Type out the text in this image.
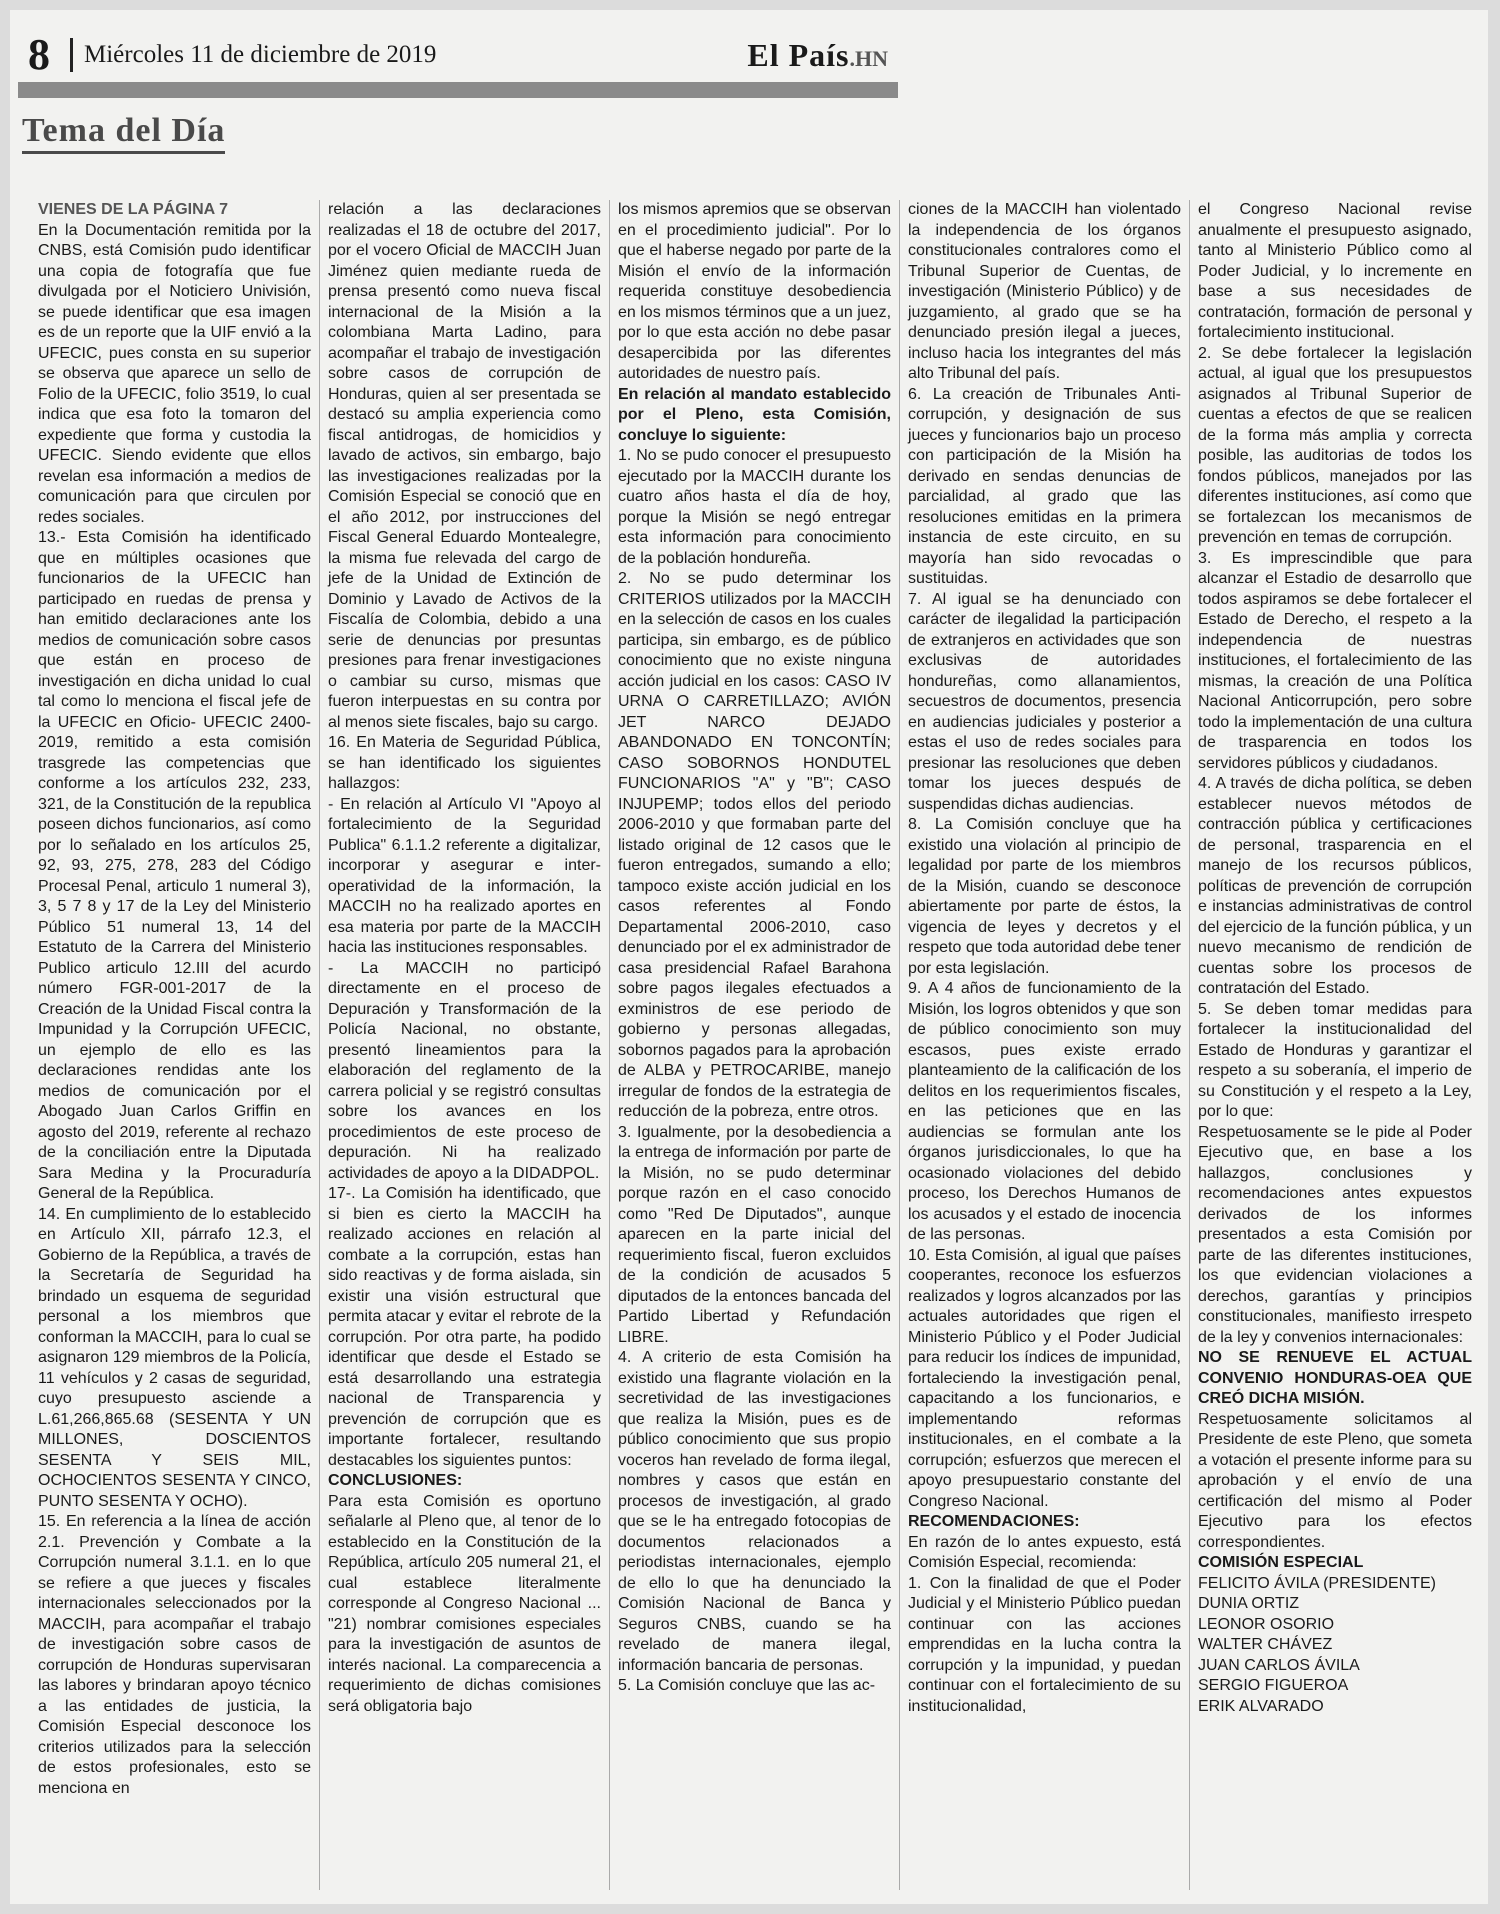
8 Miércoles 11 de diciembre de 2019	El País.HN
Tema del Día

VIENES DE LA PÁGINA 7

En la Documentación remitida por la CNBS, está Comisión pudo identificar una copia de fotografía que fue divulgada por el Noticiero Univisión, se puede identificar que esa imagen es de un reporte que la UIF envió a la UFECIC, pues consta en su superior se observa que aparece un sello de Folio de la UFECIC, folio 3519, lo cual indica que esa foto la tomaron del expediente que forma y custodia la UFECIC. Siendo evidente que ellos revelan esa información a medios de comunicación para que circulen por redes sociales.

13.- Esta Comisión ha identificado que en múltiples ocasiones que funcionarios de la UFECIC han participado en ruedas de prensa y han emitido declaraciones ante los medios de comunicación sobre casos que están en proceso de investigación en dicha unidad lo cual tal como lo menciona el fiscal jefe de la UFECIC en Oficio- UFECIC 2400-2019, remitido a esta comisión trasgrede las competencias que conforme a los artículos 232, 233, 321, de la Constitución de la republica poseen dichos funcionarios, así como por lo señalado en los artículos 25, 92, 93, 275, 278, 283 del Código Procesal Penal, articulo 1 numeral 3), 3, 5 7 8 y 17 de la Ley del Ministerio Público 51 numeral 13, 14 del Estatuto de la Carrera del Ministerio Publico articulo 12.III del acurdo número FGR-001-2017 de la Creación de la Unidad Fiscal contra la Impunidad y la Corrupción UFECIC, un ejemplo de ello es las declaraciones rendidas ante los medios de comunicación por el Abogado Juan Carlos Griffin en agosto del 2019, referente al rechazo de la conciliación entre la Diputada Sara Medina y la Procuraduría General de la República.

14. En cumplimiento de lo establecido en Artículo XII, párrafo 12.3, el Gobierno de la República, a través de la Secretaría de Seguridad ha brindado un esquema de seguridad personal a los miembros que conforman la MACCIH, para lo cual se asignaron 129 miembros de la Policía, 11 vehículos y 2 casas de seguridad, cuyo presupuesto asciende a L.61,266,865.68 (SESENTA Y UN MILLONES, DOSCIENTOS SESENTA Y SEIS MIL, OCHOCIENTOS SESENTA Y CINCO, PUNTO SESENTA Y OCHO).

15. En referencia a la línea de acción 2.1. Prevención y Combate a la Corrupción numeral 3.1.1. en lo que se refiere a que jueces y fiscales internacionales seleccionados por la MACCIH, para acompañar el trabajo de investigación sobre casos de corrupción de Honduras supervisaran las labores y brindaran apoyo técnico a las entidades de justicia, la Comisión Especial desconoce los criterios utilizados para la selección de estos profesionales, esto se menciona en

relación a las declaraciones realizadas el 18 de octubre del 2017, por el vocero Oficial de MACCIH Juan Jiménez quien mediante rueda de prensa presentó como nueva fiscal internacional de la Misión a la colombiana Marta Ladino, para acompañar el trabajo de investigación sobre casos de corrupción de Honduras, quien al ser presentada se destacó su amplia experiencia como fiscal antidrogas, de homicidios y lavado de activos, sin embargo, bajo las investigaciones realizadas por la Comisión Especial se conoció que en el año 2012, por instrucciones del Fiscal General Eduardo Montealegre, la misma fue relevada del cargo de jefe de la Unidad de Extinción de Dominio y Lavado de Activos de la Fiscalía de Colombia, debido a una serie de denuncias por presuntas presiones para frenar investigaciones o cambiar su curso, mismas que fueron interpuestas en su contra por al menos siete fiscales, bajo su cargo.

16. En Materia de Seguridad Pública, se han identificado los siguientes hallazgos:

- En relación al Artículo VI "Apoyo al fortalecimiento de la Seguridad Publica" 6.1.1.2 referente a digitalizar, incorporar y asegurar e inter-operatividad de la información, la MACCIH no ha realizado aportes en esa materia por parte de la MACCIH hacia las instituciones responsables.

- La MACCIH no participó directamente en el proceso de Depuración y Transformación de la Policía Nacional, no obstante, presentó lineamientos para la elaboración del reglamento de la carrera policial y se registró consultas sobre los avances en los procedimientos de este proceso de depuración. Ni ha realizado actividades de apoyo a la DIDADPOL.

17-. La Comisión ha identificado, que si bien es cierto la MACCIH ha realizado acciones en relación al combate a la corrupción, estas han sido reactivas y de forma aislada, sin existir una visión estructural que permita atacar y evitar el rebrote de la corrupción. Por otra parte, ha podido identificar que desde el Estado se está desarrollando una estrategia nacional de Transparencia y prevención de corrupción que es importante fortalecer, resultando destacables los siguientes puntos:

CONCLUSIONES:

Para esta Comisión es oportuno señalarle al Pleno que, al tenor de lo establecido en la Constitución de la República, artículo 205 numeral 21, el cual establece literalmente corresponde al Congreso Nacional ... "21) nombrar comisiones especiales para la investigación de asuntos de interés nacional. La comparecencia a requerimiento de dichas comisiones será obligatoria bajo

los mismos apremios que se observan en el procedimiento judicial". Por lo que el haberse negado por parte de la Misión el envío de la información requerida constituye desobediencia en los mismos términos que a un juez, por lo que esta acción no debe pasar desapercibida por las diferentes autoridades de nuestro país.

En relación al mandato establecido por el Pleno, esta Comisión, concluye lo siguiente:

1. No se pudo conocer el presupuesto ejecutado por la MACCIH durante los cuatro años hasta el día de hoy, porque la Misión se negó entregar esta información para conocimiento de la población hondureña.

2. No se pudo determinar los CRITERIOS utilizados por la MACCIH en la selección de casos en los cuales participa, sin embargo, es de público conocimiento que no existe ninguna acción judicial en los casos: CASO IV URNA O CARRETILLAZO; AVIÓN JET NARCO DEJADO ABANDONADO EN TONCONTÍN; CASO SOBORNOS HONDUTEL FUNCIONARIOS "A" y "B"; CASO INJUPEMP; todos ellos del periodo 2006-2010 y que formaban parte del listado original de 12 casos que le fueron entregados, sumando a ello; tampoco existe acción judicial en los casos referentes al Fondo Departamental 2006-2010, caso denunciado por el ex administrador de casa presidencial Rafael Barahona sobre pagos ilegales efectuados a exministros de ese periodo de gobierno y personas allegadas, sobornos pagados para la aprobación de ALBA y PETROCARIBE, manejo irregular de fondos de la estrategia de reducción de la pobreza, entre otros.

3. Igualmente, por la desobediencia a la entrega de información por parte de la Misión, no se pudo determinar porque razón en el caso conocido como "Red De Diputados", aunque aparecen en la parte inicial del requerimiento fiscal, fueron excluidos de la condición de acusados 5 diputados de la entonces bancada del Partido Libertad y Refundación LIBRE.

4. A criterio de esta Comisión ha existido una flagrante violación en la secretividad de las investigaciones que realiza la Misión, pues es de público conocimiento que sus propio voceros han revelado de forma ilegal, nombres y casos que están en procesos de investigación, al grado que se le ha entregado fotocopias de documentos relacionados a periodistas internacionales, ejemplo de ello lo que ha denunciado la Comisión Nacional de Banca y Seguros CNBS, cuando se ha revelado de manera ilegal, información bancaria de personas.

5. La Comisión concluye que las ac-

ciones de la MACCIH han violentado la independencia de los órganos constitucionales contralores como el Tribunal Superior de Cuentas, de investigación (Ministerio Público) y de juzgamiento, al grado que se ha denunciado presión ilegal a jueces, incluso hacia los integrantes del más alto Tribunal del país.

6. La creación de Tribunales Anti-corrupción, y designación de sus jueces y funcionarios bajo un proceso con participación de la Misión ha derivado en sendas denuncias de parcialidad, al grado que las resoluciones emitidas en la primera instancia de este circuito, en su mayoría han sido revocadas o sustituidas.

7. Al igual se ha denunciado con carácter de ilegalidad la participación de extranjeros en actividades que son exclusivas de autoridades hondureñas, como allanamientos, secuestros de documentos, presencia en audiencias judiciales y posterior a estas el uso de redes sociales para presionar las resoluciones que deben tomar los jueces después de suspendidas dichas audiencias.

8. La Comisión concluye que ha existido una violación al principio de legalidad por parte de los miembros de la Misión, cuando se desconoce abiertamente por parte de éstos, la vigencia de leyes y decretos y el respeto que toda autoridad debe tener por esta legislación.

9. A 4 años de funcionamiento de la Misión, los logros obtenidos y que son de público conocimiento son muy escasos, pues existe errado planteamiento de la calificación de los delitos en los requerimientos fiscales, en las peticiones que en las audiencias se formulan ante los órganos jurisdiccionales, lo que ha ocasionado violaciones del debido proceso, los Derechos Humanos de los acusados y el estado de inocencia de las personas.

10. Esta Comisión, al igual que países cooperantes, reconoce los esfuerzos realizados y logros alcanzados por las actuales autoridades que rigen el Ministerio Público y el Poder Judicial para reducir los índices de impunidad, fortaleciendo la investigación penal, capacitando a los funcionarios, e implementando reformas institucionales, en el combate a la corrupción; esfuerzos que merecen el apoyo presupuestario constante del Congreso Nacional.

RECOMENDACIONES:

En razón de lo antes expuesto, está Comisión Especial, recomienda:

1. Con la finalidad de que el Poder Judicial y el Ministerio Público puedan continuar con las acciones emprendidas en la lucha contra la corrupción y la impunidad, y puedan continuar con el fortalecimiento de su institucionalidad,

el Congreso Nacional revise anualmente el presupuesto asignado, tanto al Ministerio Público como al Poder Judicial, y lo incremente en base a sus necesidades de contratación, formación de personal y fortalecimiento institucional.

2. Se debe fortalecer la legislación actual, al igual que los presupuestos asignados al Tribunal Superior de cuentas a efectos de que se realicen de la forma más amplia y correcta posible, las auditorias de todos los fondos públicos, manejados por las diferentes instituciones, así como que se fortalezcan los mecanismos de prevención en temas de corrupción.

3. Es imprescindible que para alcanzar el Estadio de desarrollo que todos aspiramos se debe fortalecer el Estado de Derecho, el respeto a la independencia de nuestras instituciones, el fortalecimiento de las mismas, la creación de una Política Nacional Anticorrupción, pero sobre todo la implementación de una cultura de trasparencia en todos los servidores públicos y ciudadanos.

4. A través de dicha política, se deben establecer nuevos métodos de contracción pública y certificaciones de personal, trasparencia en el manejo de los recursos públicos, políticas de prevención de corrupción e instancias administrativas de control del ejercicio de la función pública, y un nuevo mecanismo de rendición de cuentas sobre los procesos de contratación del Estado.

5. Se deben tomar medidas para fortalecer la institucionalidad del Estado de Honduras y garantizar el respeto a su soberanía, el imperio de su Constitución y el respeto a la Ley, por lo que:

Respetuosamente se le pide al Poder Ejecutivo que, en base a los hallazgos, conclusiones y recomendaciones antes expuestos derivados de los informes presentados a esta Comisión por parte de las diferentes instituciones, los que evidencian violaciones a derechos, garantías y principios constitucionales, manifiesto irrespeto de la ley y convenios internacionales:

NO SE RENUEVE EL ACTUAL CONVENIO HONDURAS-OEA QUE CREÓ DICHA MISIÓN.

Respetuosamente solicitamos al Presidente de este Pleno, que someta a votación el presente informe para su aprobación y el envío de una certificación del mismo al Poder Ejecutivo para los efectos correspondientes.

COMISIÓN ESPECIAL

FELICITO ÁVILA (PRESIDENTE)

DUNIA ORTIZ

LEONOR OSORIO

WALTER CHÁVEZ

JUAN CARLOS ÁVILA

SERGIO FIGUEROA

ERIK ALVARADO
